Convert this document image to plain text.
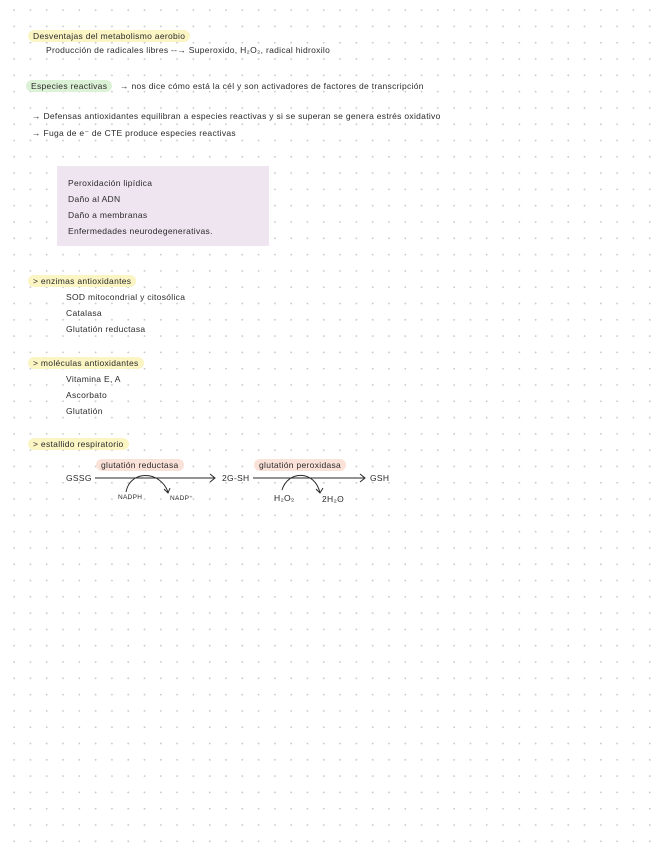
Desventajas del metabolismo aerobio
Producción de radicales libres --→ Superoxido, H₂O₂, radical hidroxilo
Especies reactivas	→ nos dice cómo está la cél y son activadores de factores de transcripción
→ Defensas antioxidantes equilibran a especies reactivas y si se superan se genera estrés oxidativo
→ Fuga de e⁻ de CTE produce especies reactivas
Peroxidación lipídica
Daño al ADN
Daño a membranas
Enfermedades neurodegenerativas.
> enzimas antioxidantes
SOD mitocondrial y citosólica
Catalasa
Glutatión reductasa
> moléculas antioxidantes
Vitamina E, A
Ascorbato
Glutatión
> estallido respiratorio
glutatión reductasa	glutatión peroxidasa
GSSG	2G-SH	GSH
NADPH	NADP⁺	H₂O₂	2H₂O
